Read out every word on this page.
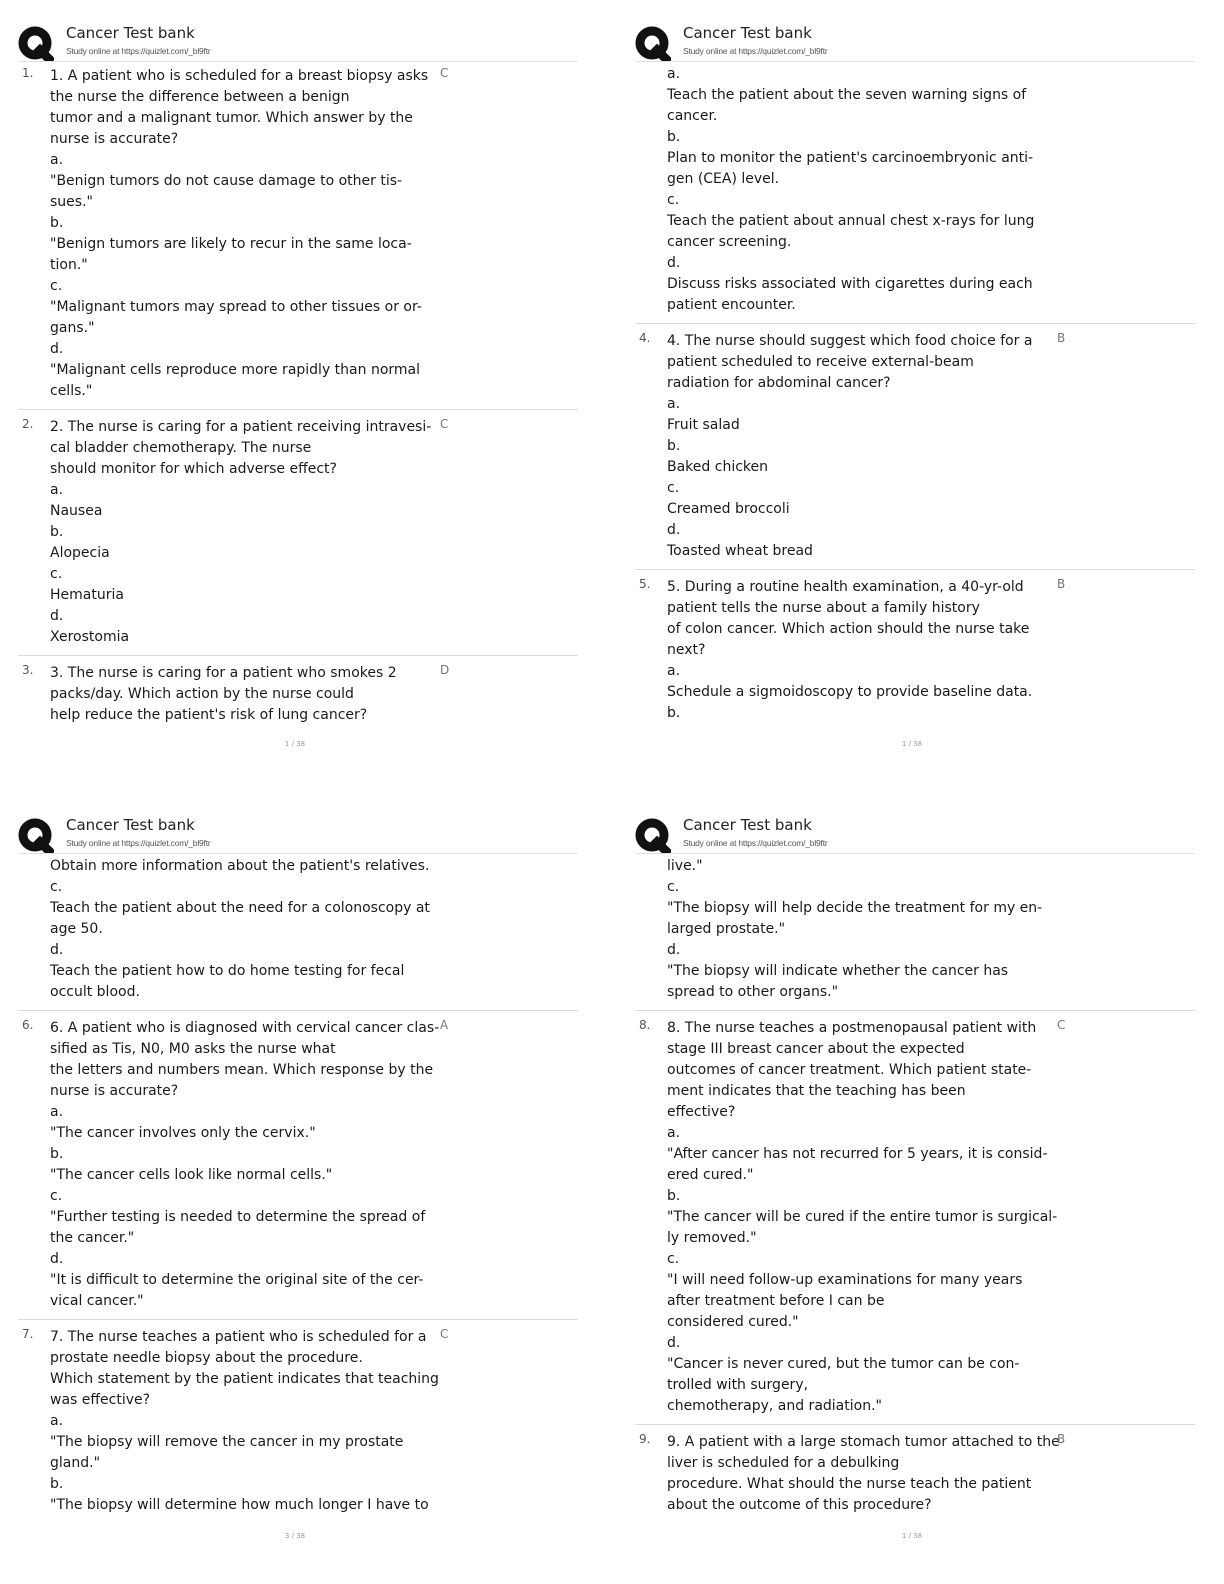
Cancer Test bank
Study online at https://quizlet.com/_bl9ftr
1.	C
1. A patient who is scheduled for a breast biopsy asks
the nurse the difference between a benign
tumor and a malignant tumor. Which answer by the
nurse is accurate?
a.
"Benign tumors do not cause damage to other tis-
sues."
b.
"Benign tumors are likely to recur in the same loca-
tion."
c.
"Malignant tumors may spread to other tissues or or-
gans."
d.
"Malignant cells reproduce more rapidly than normal
cells."
2.	C
2. The nurse is caring for a patient receiving intravesi-
cal bladder chemotherapy. The nurse
should monitor for which adverse effect?
a.
Nausea
b.
Alopecia
c.
Hematuria
d.
Xerostomia
3.	D
3. The nurse is caring for a patient who smokes 2
packs/day. Which action by the nurse could
help reduce the patient's risk of lung cancer?
1 / 38
Cancer Test bank
Study online at https://quizlet.com/_bl9ftr
a.
Teach the patient about the seven warning signs of
cancer.
b.
Plan to monitor the patient's carcinoembryonic anti-
gen (CEA) level.
c.
Teach the patient about annual chest x-rays for lung
cancer screening.
d.
Discuss risks associated with cigarettes during each
patient encounter.
4.	B
4. The nurse should suggest which food choice for a
patient scheduled to receive external-beam
radiation for abdominal cancer?
a.
Fruit salad
b.
Baked chicken
c.
Creamed broccoli
d.
Toasted wheat bread
5.	B
5. During a routine health examination, a 40-yr-old
patient tells the nurse about a family history
of colon cancer. Which action should the nurse take
next?
a.
Schedule a sigmoidoscopy to provide baseline data.
b.
1 / 38
Cancer Test bank
Study online at https://quizlet.com/_bl9ftr
Obtain more information about the patient's relatives.
c.
Teach the patient about the need for a colonoscopy at
age 50.
d.
Teach the patient how to do home testing for fecal
occult blood.
6.	A
6. A patient who is diagnosed with cervical cancer clas-
sified as Tis, N0, M0 asks the nurse what
the letters and numbers mean. Which response by the
nurse is accurate?
a.
"The cancer involves only the cervix."
b.
"The cancer cells look like normal cells."
c.
"Further testing is needed to determine the spread of
the cancer."
d.
"It is difficult to determine the original site of the cer-
vical cancer."
7.	C
7. The nurse teaches a patient who is scheduled for a
prostate needle biopsy about the procedure.
Which statement by the patient indicates that teaching
was effective?
a.
"The biopsy will remove the cancer in my prostate
gland."
b.
"The biopsy will determine how much longer I have to
3 / 38
Cancer Test bank
Study online at https://quizlet.com/_bl9ftr
live."
c.
"The biopsy will help decide the treatment for my en-
larged prostate."
d.
"The biopsy will indicate whether the cancer has
spread to other organs."
8.	C
8. The nurse teaches a postmenopausal patient with
stage III breast cancer about the expected
outcomes of cancer treatment. Which patient state-
ment indicates that the teaching has been
effective?
a.
"After cancer has not recurred for 5 years, it is consid-
ered cured."
b.
"The cancer will be cured if the entire tumor is surgical-
ly removed."
c.
"I will need follow-up examinations for many years
after treatment before I can be
considered cured."
d.
"Cancer is never cured, but the tumor can be con-
trolled with surgery,
chemotherapy, and radiation."
9.	B
9. A patient with a large stomach tumor attached to the
liver is scheduled for a debulking
procedure. What should the nurse teach the patient
about the outcome of this procedure?
1 / 38
